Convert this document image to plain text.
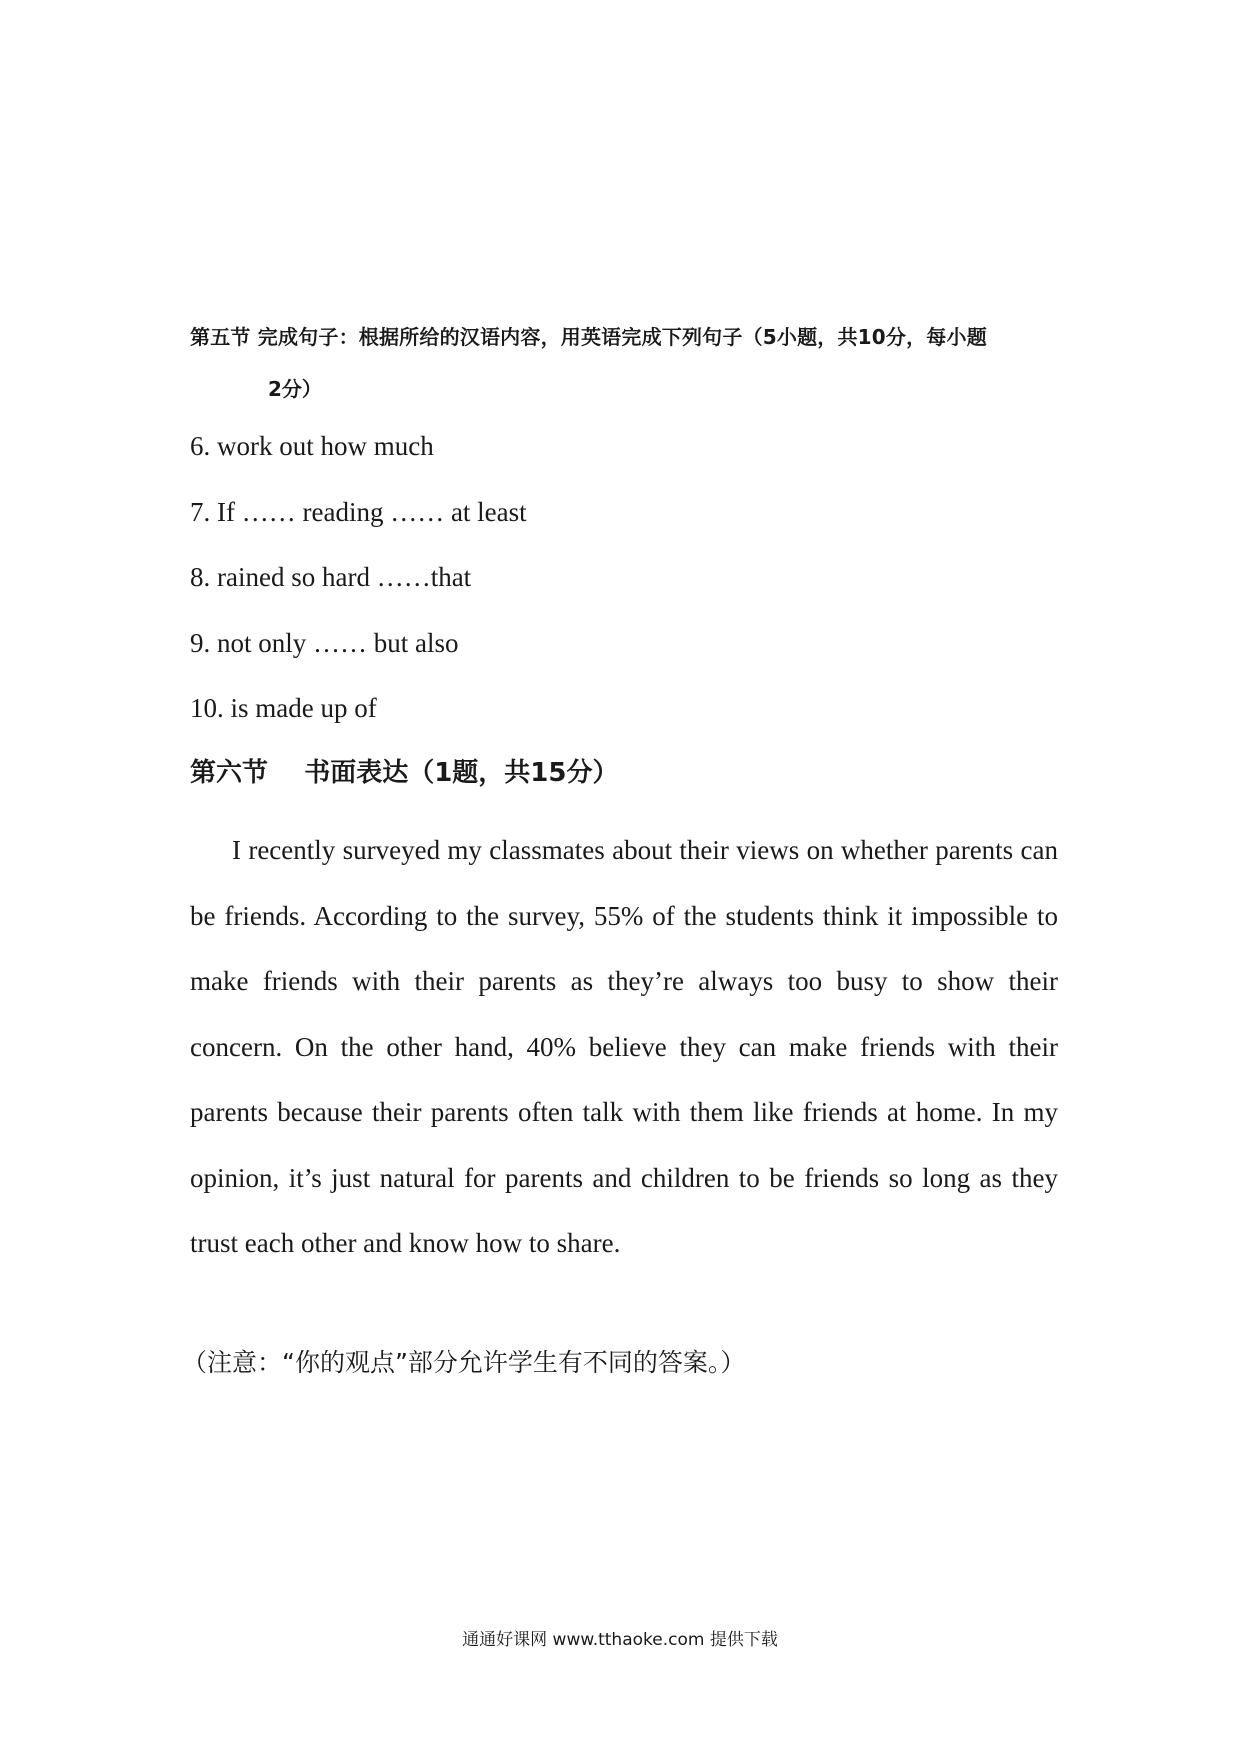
第五节 完成句子：根据所给的汉语内容，用英语完成下列句子（5小题，共10分，每小题
2分）
6. work out how much
7. If …… reading …… at least
8. rained so hard ……that
9. not only …… but also
10. is made up of
第六节    书面表达（1题，共15分）
I recently surveyed my classmates about their views on whether parents can be friends. According to the survey, 55% of the students think it impossible to make friends with their parents as they’re always too busy to show their concern. On the other hand, 40% believe they can make friends with their parents because their parents often talk with them like friends at home. In my opinion, it’s just natural for parents and children to be friends so long as they trust each other and know how to share.
（注意：“你的观点”部分允许学生有不同的答案。）
通通好课网 www.tthaoke.com 提供下载
